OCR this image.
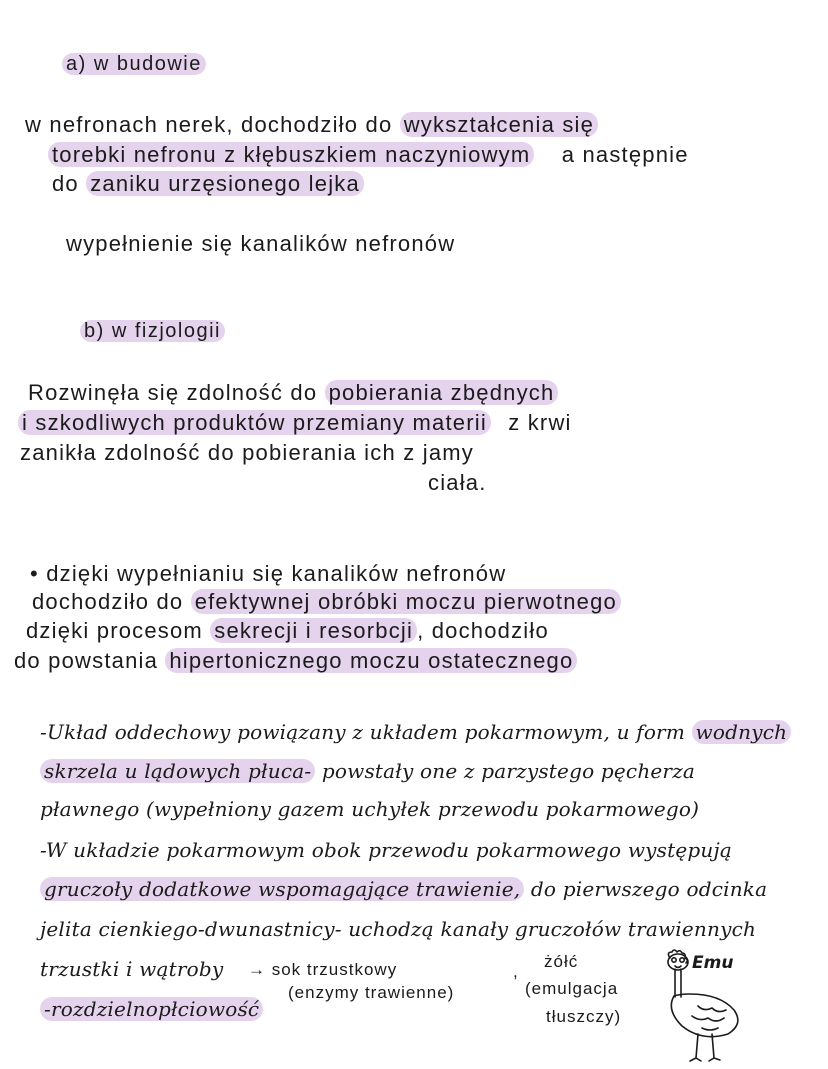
a) w budowie
w nefronach nerek, dochodziło do wykształcenia się
torebki nefronu z kłębuszkiem naczyniowym a następnie
do zaniku urzęsionego lejka
wypełnienie się kanalików nefronów
b) w fizjologii
Rozwinęła się zdolność do pobierania zbędnych
i szkodliwych produktów przemiany materii z krwi
zanikła zdolność do pobierania ich z jamy
ciała.
• dzięki wypełnianiu się kanalików nefronów
dochodziło do efektywnej obróbki moczu pierwotnego
dzięki procesom sekrecji i resorbcji , dochodziło
do powstania hipertonicznego moczu ostatecznego
-Układ oddechowy powiązany z układem pokarmowym, u form wodnych
skrzela u lądowych płuca- powstały one z parzystego pęcherza
pławnego (wypełniony gazem uchyłek przewodu pokarmowego)
-W układzie pokarmowym obok przewodu pokarmowego występują
gruczoły dodatkowe wspomagające trawienie, do pierwszego odcinka
jelita cienkiego-dwunastnicy- uchodzą kanały gruczołów trawiennych
trzustki i wątroby → sok trzustkowy
(enzymy trawienne)
,
żółć
(emulgacja
tłuszczy)
-rozdzielnopłciowość
Emu
